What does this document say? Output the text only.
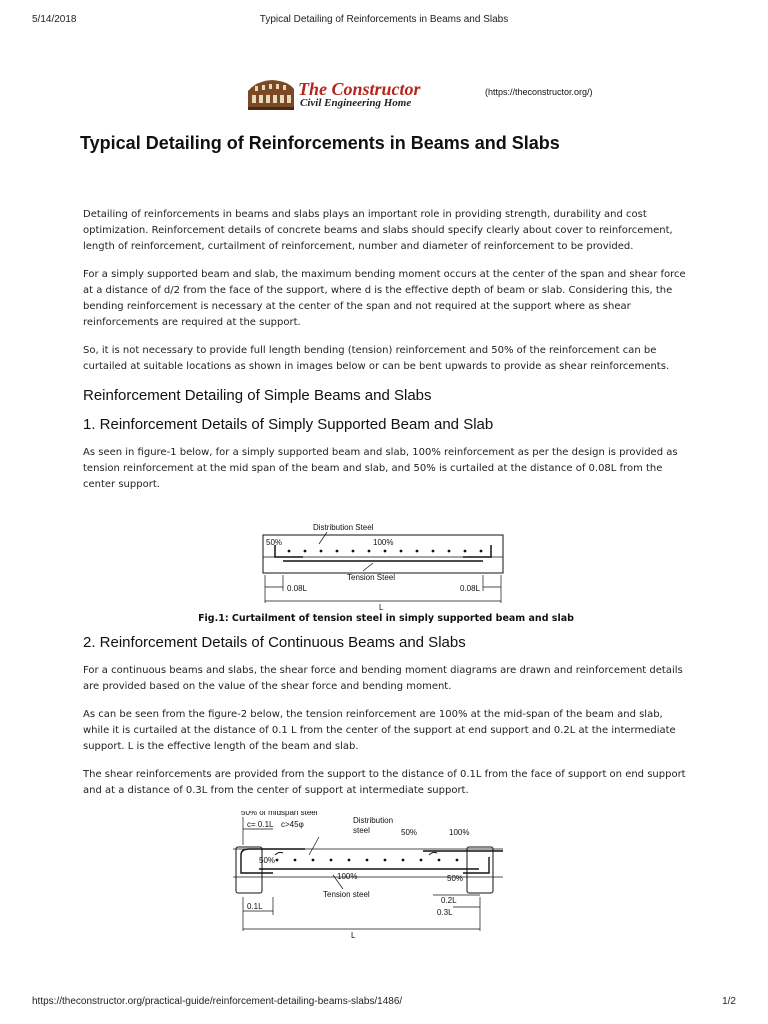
5/14/2018	Typical Detailing of Reinforcements in Beams and Slabs
The Constructor
Civil Engineering Home
(https://theconstructor.org/)
Typical Detailing of Reinforcements in Beams and Slabs

Detailing of reinforcements in beams and slabs plays an important role in providing strength, durability and cost optimization. Reinforcement details of concrete beams and slabs should specify clearly about cover to reinforcement, length of reinforcement, curtailment of reinforcement, number and diameter of reinforcement to be provided.

For a simply supported beam and slab, the maximum bending moment occurs at the center of the span and shear force at a distance of d/2 from the face of the support, where d is the effective depth of beam or slab. Considering this, the bending reinforcement is necessary at the center of the span and not required at the support where as shear reinforcements are required at the support.

So, it is not necessary to provide full length bending (tension) reinforcement and 50% of the reinforcement can be curtailed at suitable locations as shown in images below or can be bent upwards to provide as shear reinforcements.

Reinforcement Detailing of Simple Beams and Slabs
1. Reinforcement Details of Simply Supported Beam and Slab

As seen in figure-1 below, for a simply supported beam and slab, 100% reinforcement as per the design is provided as tension reinforcement at the mid span of the beam and slab, and 50% is curtailed at the distance of 0.08L from the center support.

Distribution Steel
50%	100%
Tension Steel
0.08L	0.08L
L
Fig.1: Curtailment of tension steel in simply supported beam and slab
2. Reinforcement Details of Continuous Beams and Slabs

For a continuous beams and slabs, the shear force and bending moment diagrams are drawn and reinforcement details are provided based on the value of the shear force and bending moment.

As can be seen from the figure-2 below, the tension reinforcement are 100% at the mid-span of the beam and slab, while it is curtailed at the distance of 0.1 L from the center of the support at end support and 0.2L at the intermediate support. L is the effective length of the beam and slab.

The shear reinforcements are provided from the support to the distance of 0.1L from the face of support on end support and at a distance of 0.3L from the center of support at intermediate support.

50% of midspan steel
c= 0.1L c>45φ	Distribution
steel	50%	100%
50%
100%	50%
Tension steel
0.1L
0.2L
0.3L
L
https://theconstructor.org/practical-guide/reinforcement-detailing-beams-slabs/1486/	1/2
